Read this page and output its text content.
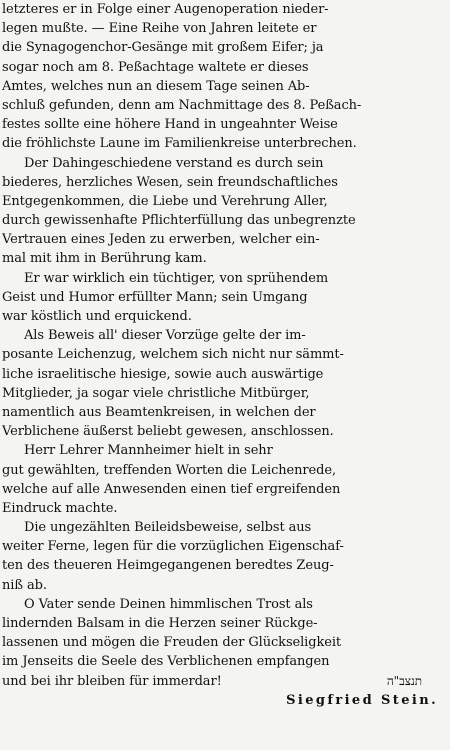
letzteres er in Folge einer Augenoperation nieder-
legen mußte. — Eine Reihe von Jahren leitete er
die Synagogenchor-Gesänge mit großem Eifer; ja
sogar noch am 8. Peßachtage waltete er dieses
Amtes, welches nun an diesem Tage seinen Ab-
schluß gefunden, denn am Nachmittage des 8. Peßach-
festes sollte eine höhere Hand in ungeahnter Weise
die fröhlichste Laune im Familienkreise unterbrechen.
Der Dahingeschiedene verstand es durch sein
biederes, herzliches Wesen, sein freundschaftliches
Entgegenkommen, die Liebe und Verehrung Aller,
durch gewissenhafte Pflichterfüllung das unbegrenzte
Vertrauen eines Jeden zu erwerben, welcher ein-
mal mit ihm in Berührung kam.
Er war wirklich ein tüchtiger, von sprühendem
Geist und Humor erfüllter Mann; sein Umgang
war köstlich und erquickend.
Als Beweis all' dieser Vorzüge gelte der im-
posante Leichenzug, welchem sich nicht nur sämmt-
liche israelitische hiesige, sowie auch auswärtige
Mitglieder, ja sogar viele christliche Mitbürger,
namentlich aus Beamtenkreisen, in welchen der
Verblichene äußerst beliebt gewesen, anschlossen.
Herr Lehrer Mannheimer hielt in sehr
gut gewählten, treffenden Worten die Leichenrede,
welche auf alle Anwesenden einen tief ergreifenden
Eindruck machte.
Die ungezählten Beileidsbeweise, selbst aus
weiter Ferne, legen für die vorzüglichen Eigenschaf-
ten des theueren Heimgegangenen beredtes Zeug-
niß ab.
O Vater sende Deinen himmlischen Trost als
lindernden Balsam in die Herzen seiner Rückge-
lassenen und mögen die Freuden der Glückseligkeit
im Jenseits die Seele des Verblichenen empfangen
und bei ihr bleiben für immerdar!	תנצב"ה
Siegfried Stein.
